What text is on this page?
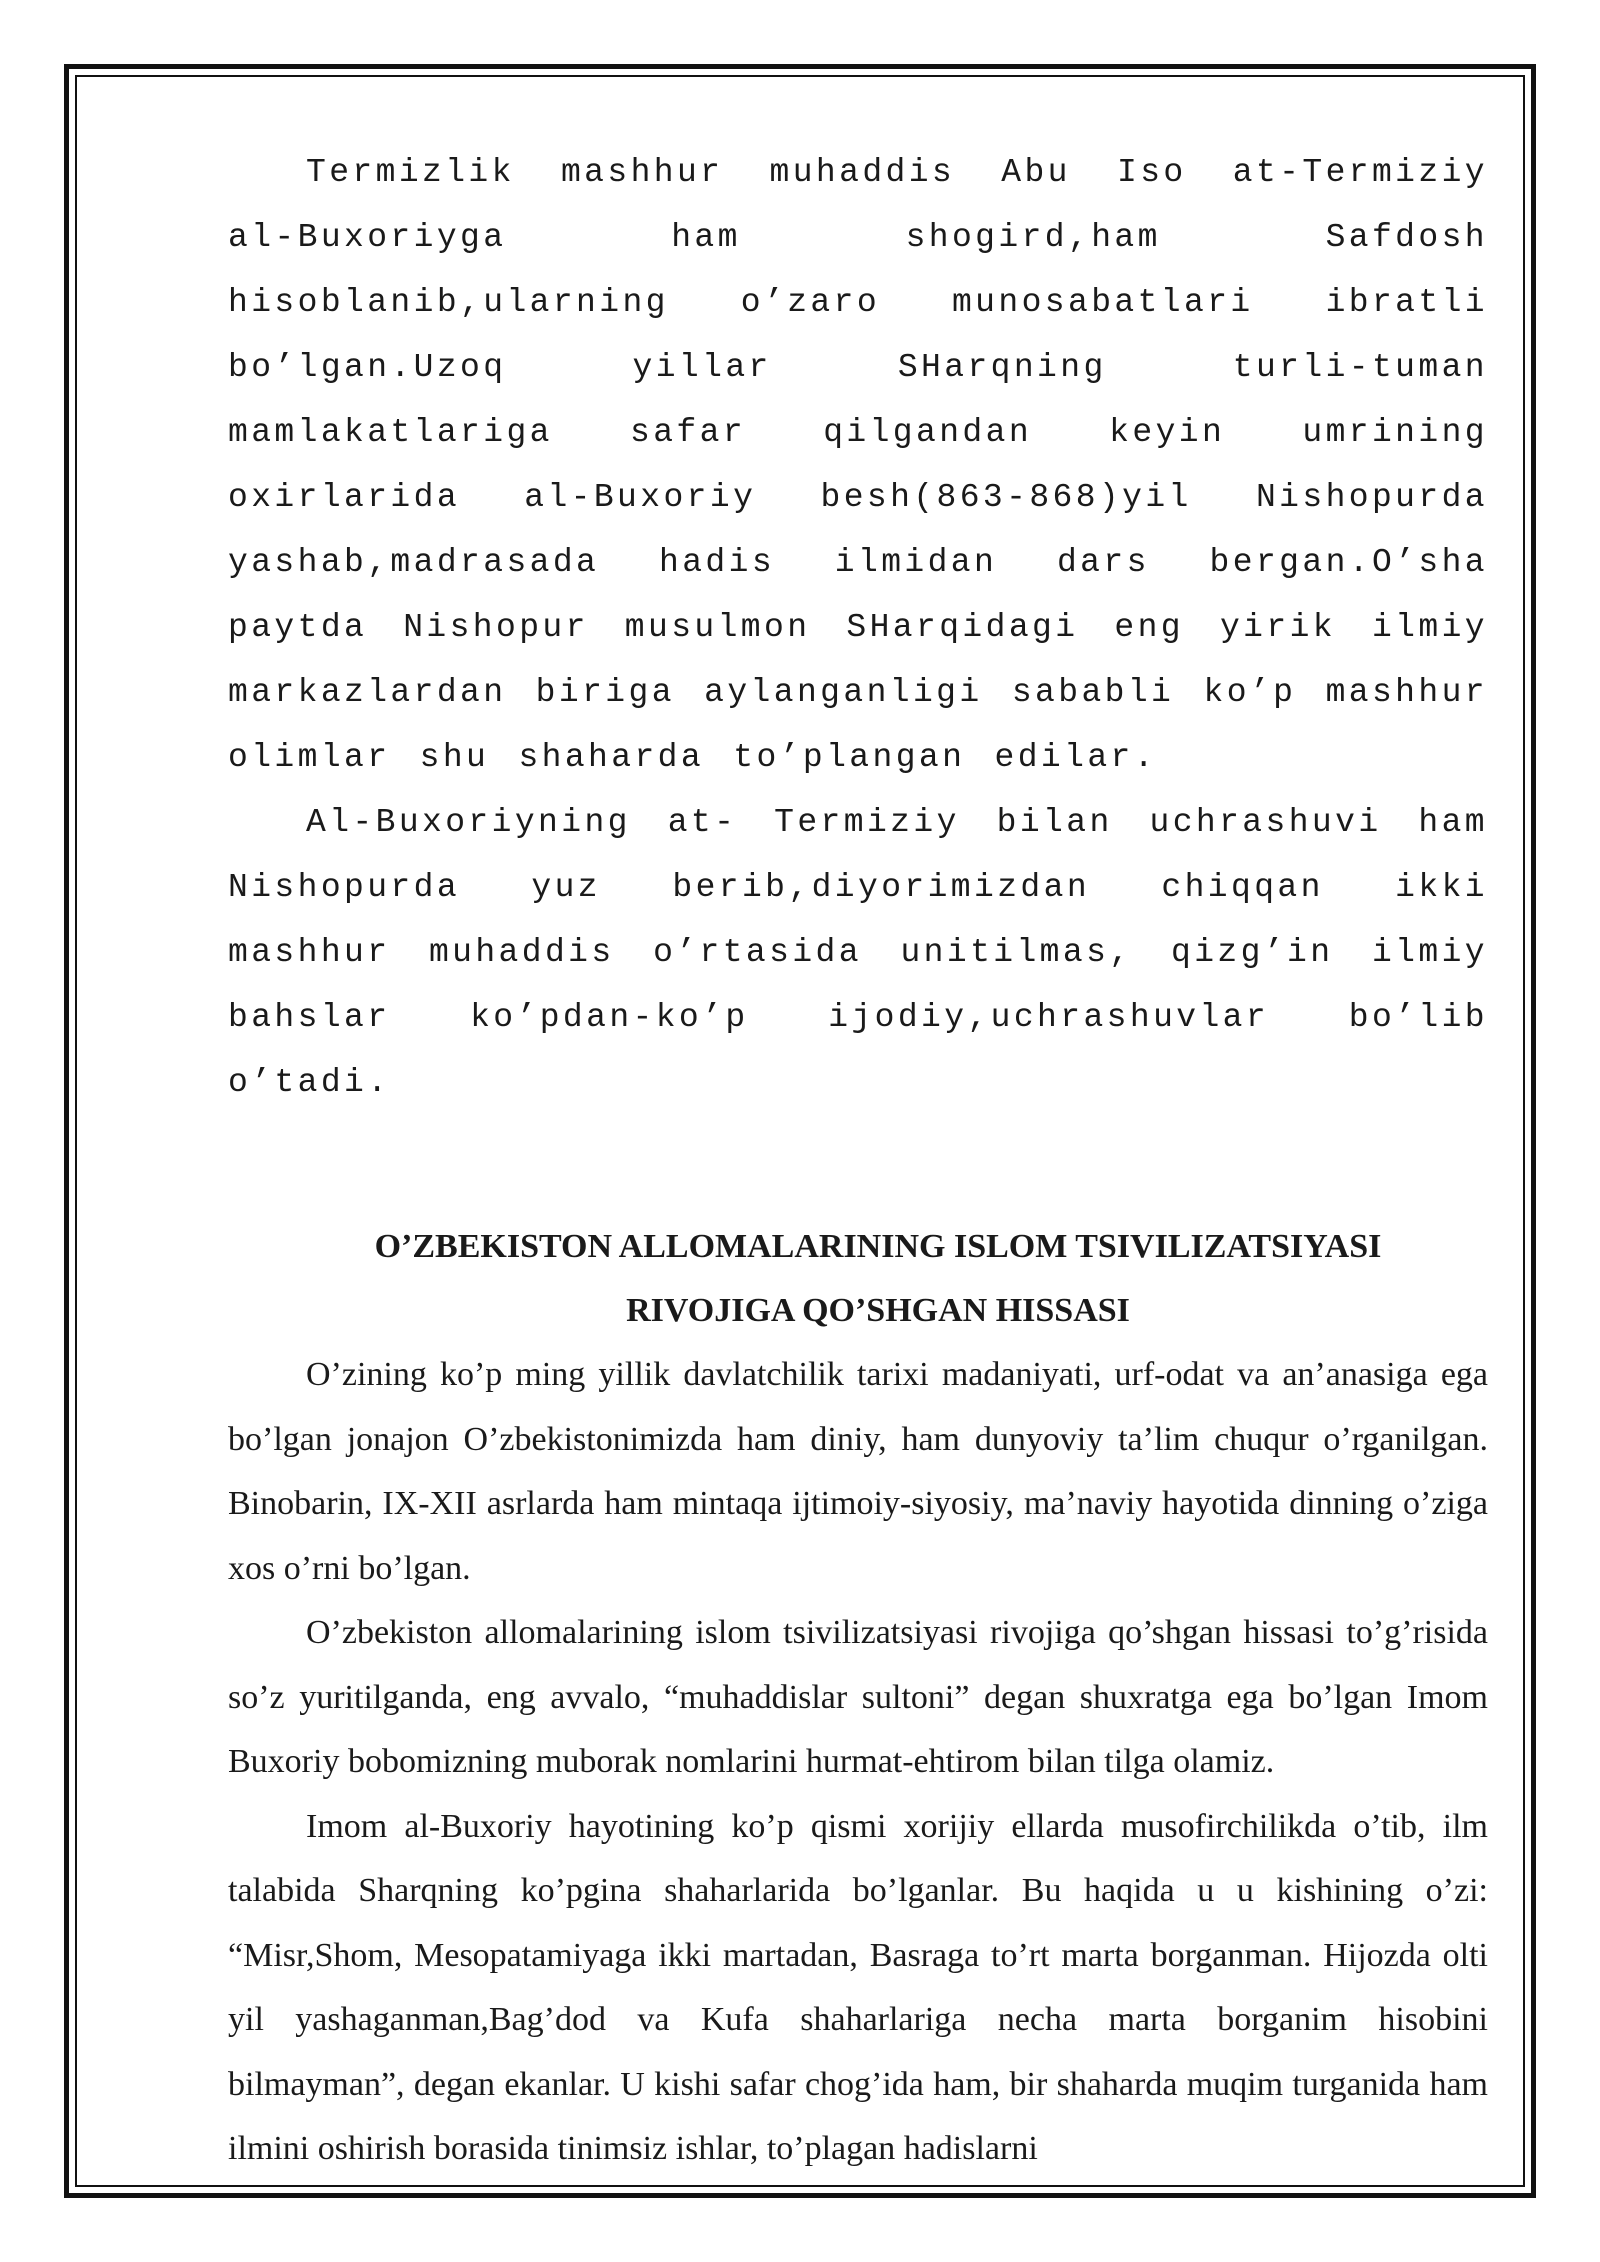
Termizlik mashhur muhaddis Abu Iso at-Termiziy al-Buxoriyga ham shogird,ham Safdosh hisoblanib,ularning o’zaro munosabatlari ibratli bo’lgan.Uzoq yillar SHarqning turli-tuman mamlakatlariga safar qilgandan keyin umrining oxirlarida al-Buxoriy besh(863-868)yil Nishopurda yashab,madrasada hadis ilmidan dars bergan.O’sha paytda Nishopur musulmon SHarqidagi eng yirik ilmiy markazlardan biriga aylanganligi sababli ko’p mashhur olimlar shu shaharda to’plangan edilar.

Al-Buxoriyning at- Termiziy bilan uchrashuvi ham Nishopurda yuz berib,diyorimizdan chiqqan ikki mashhur muhaddis o’rtasida unitilmas, qizg’in ilmiy bahslar ko’pdan-ko’p ijodiy,uchrashuvlar bo’lib o’tadi.

O’ZBEKISTON ALLOMALARINING ISLOM TSIVILIZATSIYASI

RIVOJIGA QO’SHGAN HISSASI

O’zining ko’p ming yillik davlatchilik tarixi madaniyati, urf-odat va an’anasiga ega bo’lgan jonajon O’zbekistonimizda ham diniy, ham dunyoviy ta’lim chuqur o’rganilgan. Binobarin, IX-XII asrlarda ham mintaqa ijtimoiy-siyosiy, ma’naviy hayotida dinning o’ziga xos o’rni bo’lgan.

O’zbekiston allomalarining islom tsivilizatsiyasi rivojiga qo’shgan hissasi to’g’risida so’z yuritilganda, eng avvalo, “muhaddislar sultoni” degan shuxratga ega bo’lgan Imom Buxoriy bobomizning muborak nomlarini hurmat-ehtirom bilan tilga olamiz.

Imom al-Buxoriy hayotining ko’p qismi xorijiy ellarda musofirchilikda o’tib, ilm talabida Sharqning ko’pgina shaharlarida bo’lganlar. Bu haqida u u kishining o’zi: “Misr,Shom, Mesopatamiyaga ikki martadan, Basraga to’rt marta borganman. Hijozda olti yil yashaganman,Bag’dod va Kufa shaharlariga necha marta borganim hisobini bilmayman”, degan ekanlar. U kishi safar chog’ida ham, bir shaharda muqim turganida ham ilmini oshirish borasida tinimsiz ishlar, to’plagan hadislarni
